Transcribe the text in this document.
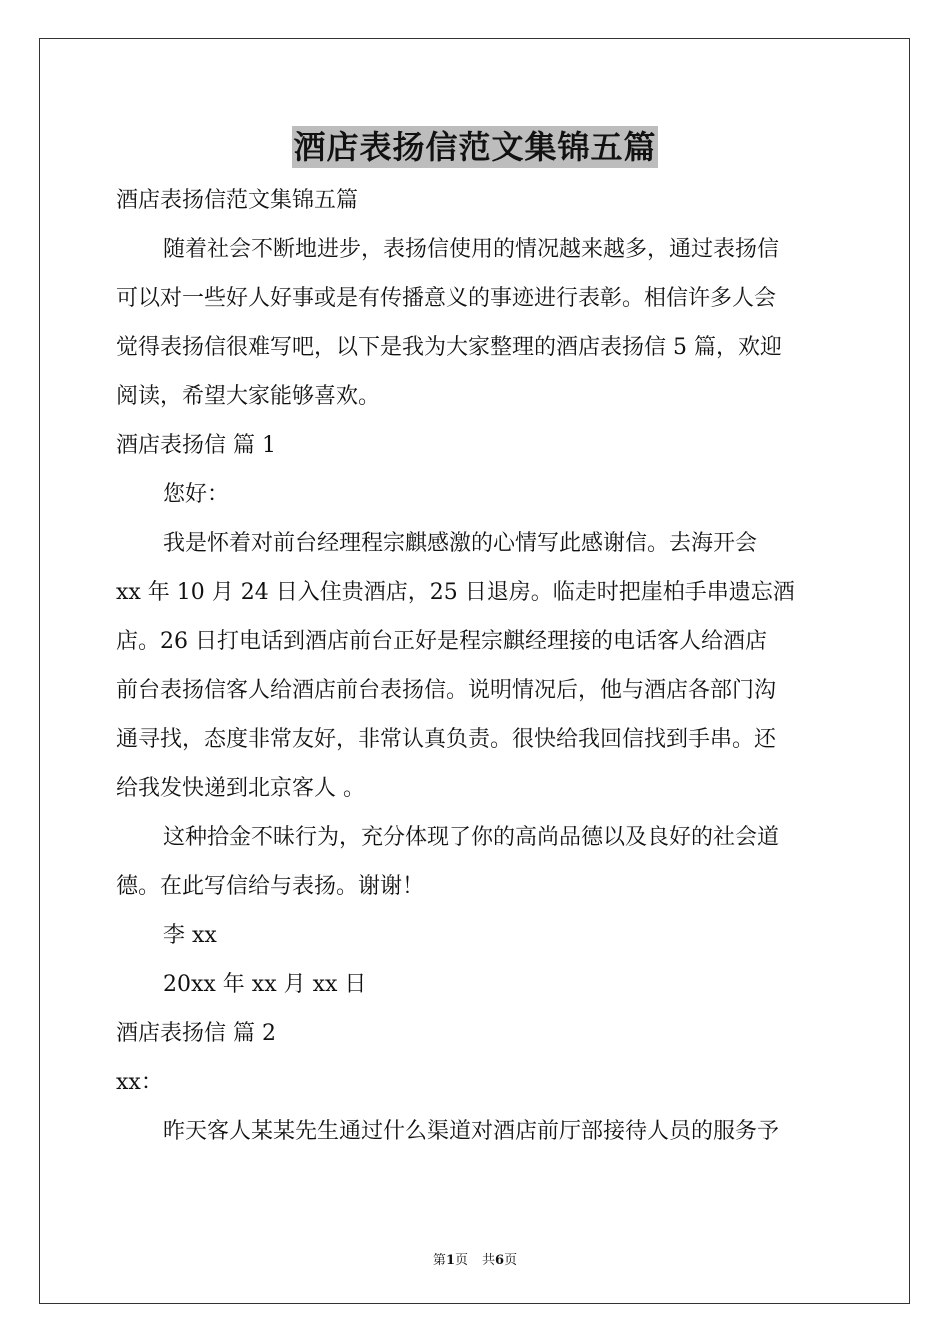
酒店表扬信范文集锦五篇

酒店表扬信范文集锦五篇

随着社会不断地进步，表扬信使用的情况越来越多，通过表扬信

可以对一些好人好事或是有传播意义的事迹进行表彰。相信许多人会

觉得表扬信很难写吧，以下是我为大家整理的酒店表扬信 5 篇，欢迎

阅读，希望大家能够喜欢。

酒店表扬信 篇 1

您好：

我是怀着对前台经理程宗麒感激的心情写此感谢信。去海开会

xx 年 10 月 24 日入住贵酒店，25 日退房。临走时把崖柏手串遗忘酒

店。26 日打电话到酒店前台正好是程宗麒经理接的电话客人给酒店

前台表扬信客人给酒店前台表扬信。说明情况后，他与酒店各部门沟

通寻找，态度非常友好，非常认真负责。很快给我回信找到手串。还

给我发快递到北京客人 。

这种拾金不昧行为，充分体现了你的高尚品德以及良好的社会道

德。在此写信给与表扬。谢谢！

李 xx

20xx 年 xx 月 xx 日

酒店表扬信 篇 2

xx：

昨天客人某某先生通过什么渠道对酒店前厅部接待人员的服务予

第1页 共6页
